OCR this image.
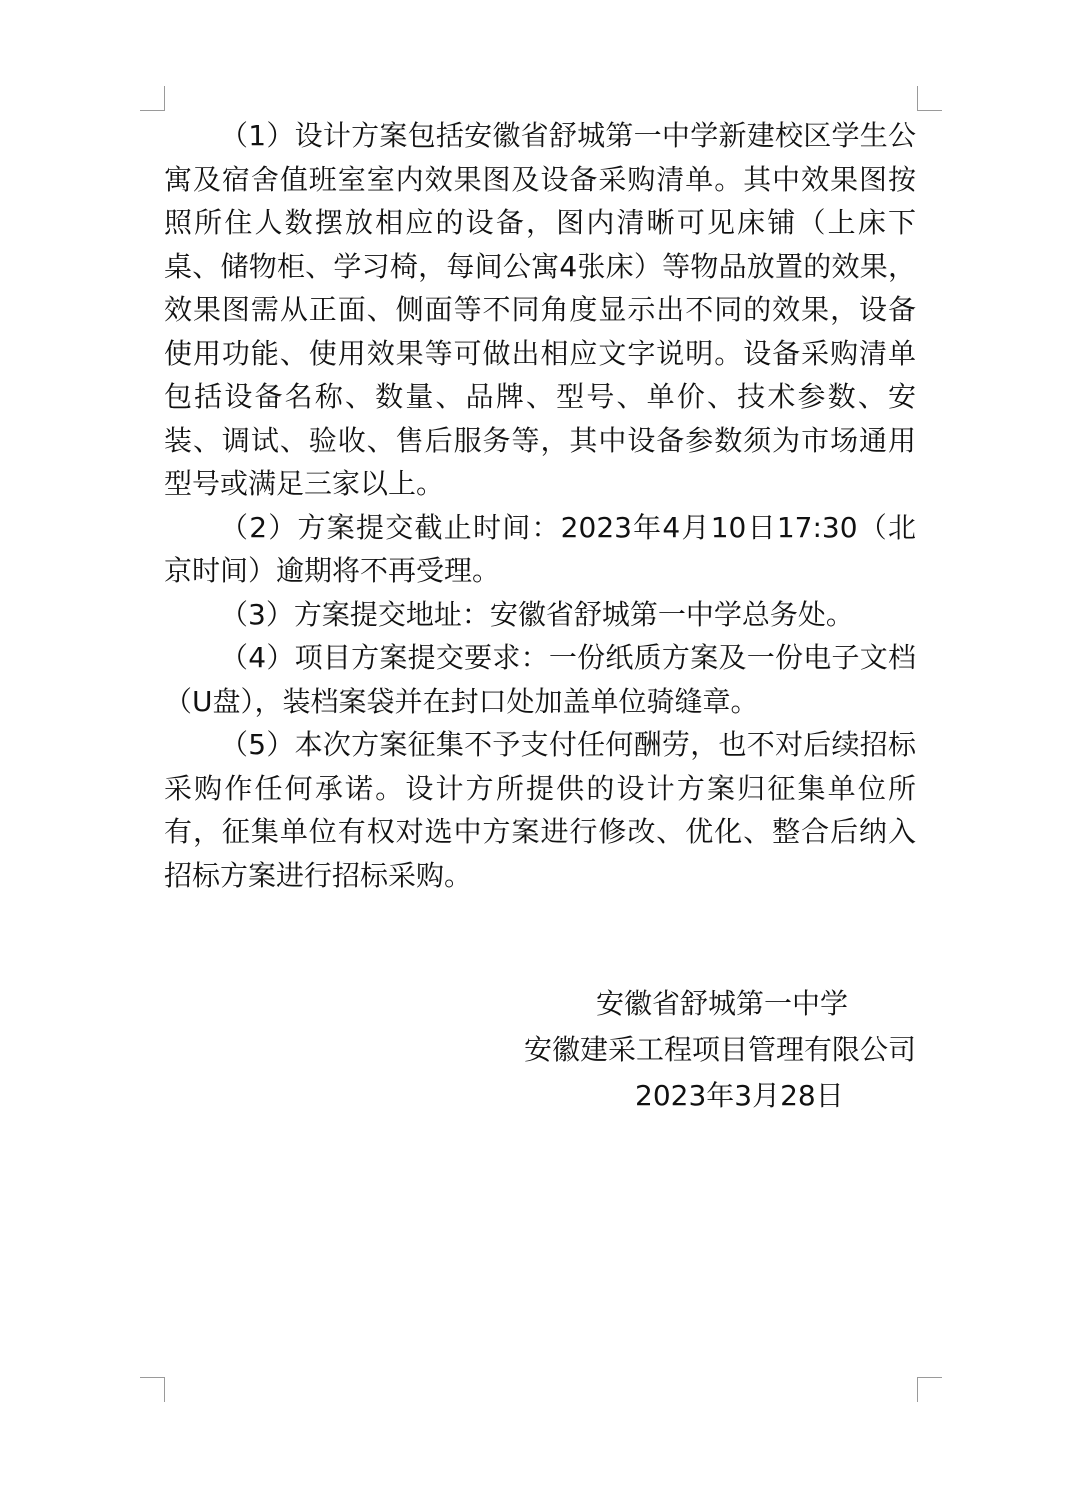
（1）设计方案包括安徽省舒城第一中学新建校区学生公寓及宿舍值班室室内效果图及设备采购清单。其中效果图按照所住人数摆放相应的设备，图内清晰可见床铺（上床下桌、储物柜、学习椅，每间公寓4张床）等物品放置的效果，效果图需从正面、侧面等不同角度显示出不同的效果，设备使用功能、使用效果等可做出相应文字说明。设备采购清单包括设备名称、数量、品牌、型号、单价、技术参数、安装、调试、验收、售后服务等，其中设备参数须为市场通用型号或满足三家以上。

（2）方案提交截止时间：2023年4月10日17:30（北京时间）逾期将不再受理。

（3）方案提交地址：安徽省舒城第一中学总务处。

（4）项目方案提交要求：一份纸质方案及一份电子文档（U盘），装档案袋并在封口处加盖单位骑缝章。

（5）本次方案征集不予支付任何酬劳，也不对后续招标采购作任何承诺。设计方所提供的设计方案归征集单位所有，征集单位有权对选中方案进行修改、优化、整合后纳入招标方案进行招标采购。

安徽省舒城第一中学
安徽建采工程项目管理有限公司
2023年3月28日
